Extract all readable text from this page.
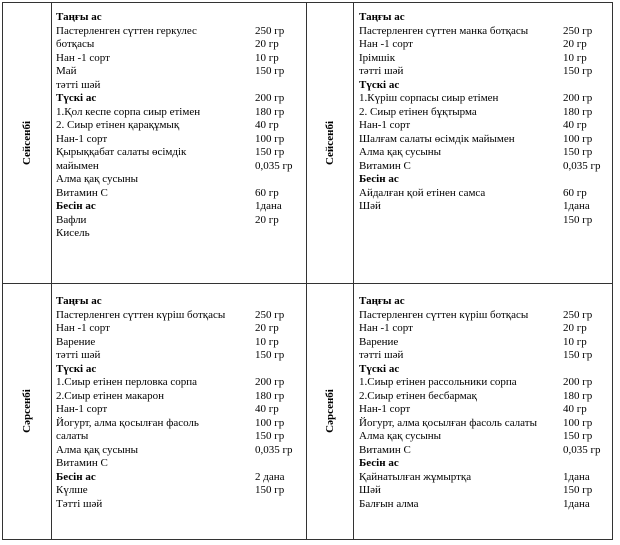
Сейсенбі
Таңғы ас
Пастерленген сүттен геркулес	250 гр
ботқасы	20 гр
Нан -1 сорт	10 гр
Май	150 гр
тәтті шәй
Түскі ас	200 гр
1.Қол кеспе сорпа сиыр етімен	180 гр
2. Сиыр етінен қарақұмық	40 гр
Нан-1 сорт	100 гр
Қырыққабат салаты өсімдік	150 гр
майымен	0,035 гр
Алма қақ сусыны
Витамин С	60 гр
Бесін ас	1дана
Вафли	20 гр
Кисель
Сейсенбі
Таңғы ас
Пастерленген сүттен манка ботқасы	250 гр
Нан -1 сорт	20 гр
Ірімшік	10 гр
тәтті шәй	150 гр
Түскі ас
1.Күріш сорпасы сиыр етімен	200 гр
2. Сиыр етінен бұқтырма	180 гр
Нан-1 сорт	40 гр
Шалғам салаты өсімдік майымен	100 гр
Алма қақ сусыны	150 гр
Витамин С	0,035 гр
Бесін ас
Айдалған қой етінен самса	60 гр
Шәй	1дана
150 гр
Сәрсенбі
Таңғы ас
Пастерленген сүттен күріш ботқасы	250 гр
Нан -1 сорт	20 гр
Варение	10 гр
тәтті шәй	150 гр
Түскі ас
1.Сиыр етінен перловка сорпа	200 гр
2.Сиыр етінен макарон	180 гр
Нан-1 сорт	40 гр
Йогурт, алма қосылған фасоль	100 гр
салаты	150 гр
Алма қақ сусыны	0,035 гр
Витамин С
Бесін ас	2 дана
Күлше	150 гр
Тәтті шәй
Сәрсенбі
Таңғы ас
Пастерленген сүттен күріш ботқасы	250 гр
Нан -1 сорт	20 гр
Варение	10 гр
тәтті шәй	150 гр
Түскі ас
1.Сиыр етінен рассольники сорпа	200 гр
2.Сиыр етінен бесбармақ	180 гр
Нан-1 сорт	40 гр
Йогурт, алма қосылған фасоль салаты 100 гр
Алма қақ сусыны	150 гр
Витамин С	0,035 гр
Бесін ас
Қайнатылған жұмыртқа	1дана
Шәй	150 гр
Балғын алма	1дана
